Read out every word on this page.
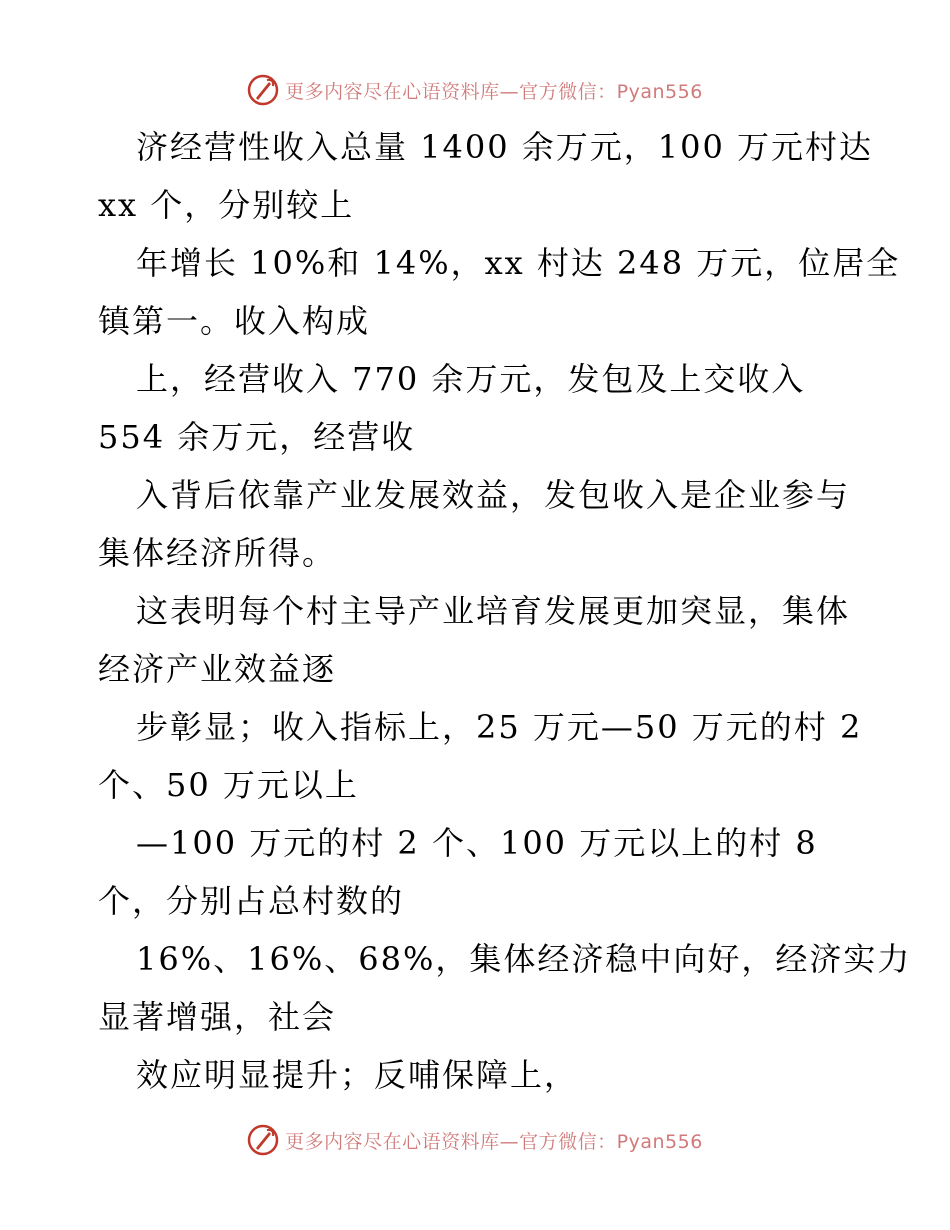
更多内容尽在心语资料库—官方微信：Pyan556
济经营性收入总量 1400 余万元，100 万元村达
xx 个，分别较上
年增长 10%和 14%，xx 村达 248 万元，位居全
镇第一。收入构成
上，经营收入 770 余万元，发包及上交收入
554 余万元，经营收
入背后依靠产业发展效益，发包收入是企业参与
集体经济所得。
这表明每个村主导产业培育发展更加突显，集体
经济产业效益逐
步彰显；收入指标上，25 万元—50 万元的村 2
个、50 万元以上
—100 万元的村 2 个、100 万元以上的村 8
个，分别占总村数的
16%、16%、68%，集体经济稳中向好，经济实力
显著增强，社会
效应明显提升；反哺保障上，
更多内容尽在心语资料库—官方微信：Pyan556
